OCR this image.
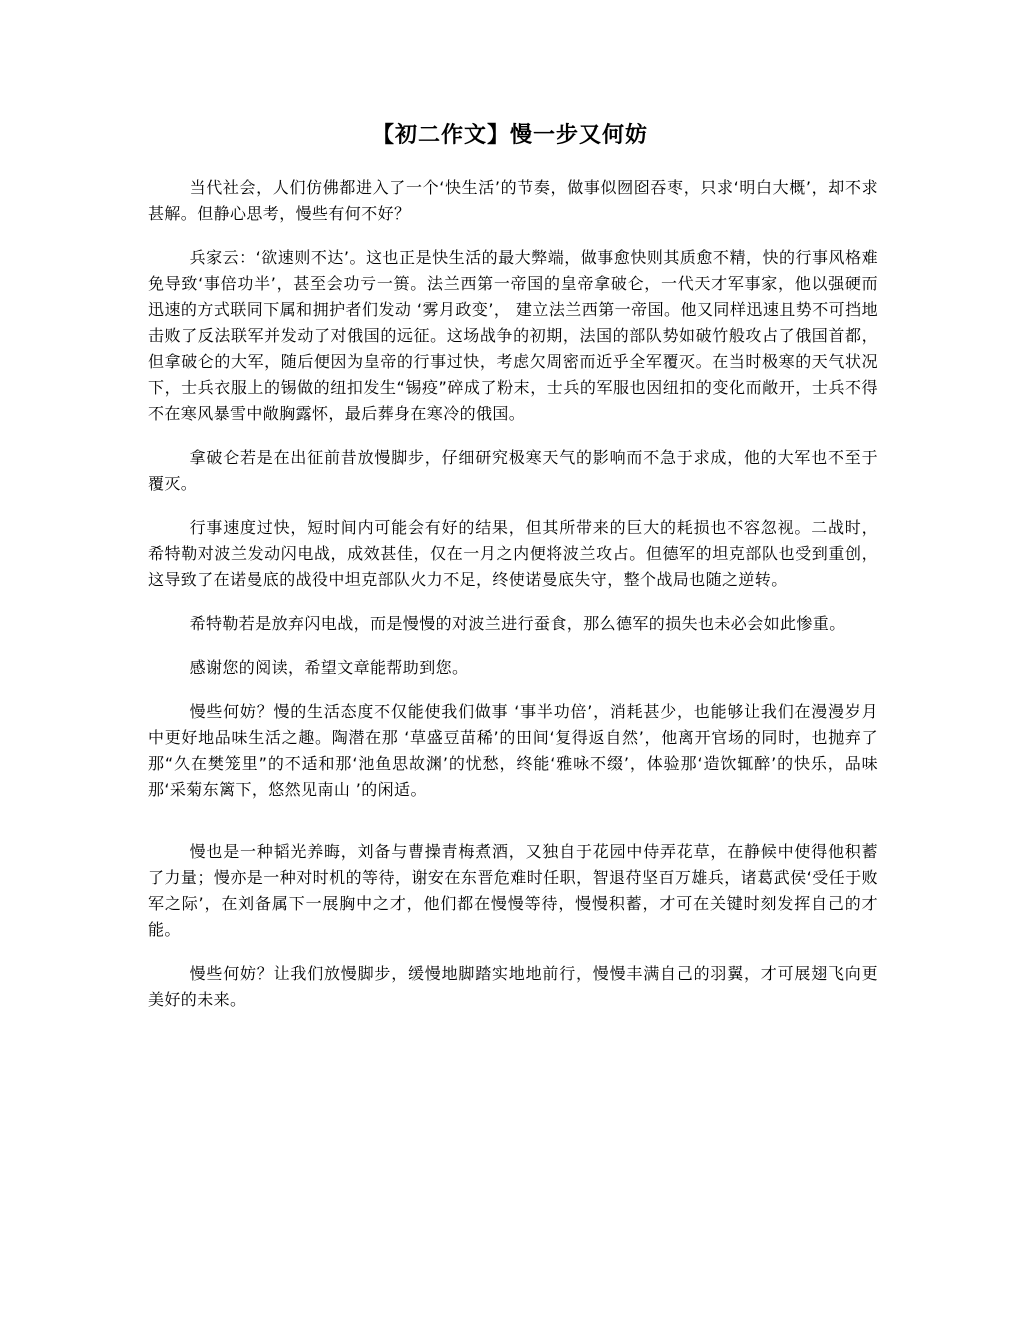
【初二作文】慢一步又何妨

当代社会，人们仿佛都进入了一个‘快生活’的节奏，做事似囫囵吞枣，只求‘明白大概’，却不求甚解。但静心思考，慢些有何不好？

兵家云：‘欲速则不达’。这也正是快生活的最大弊端，做事愈快则其质愈不精，快的行事风格难免导致‘事倍功半’，甚至会功亏一篑。法兰西第一帝国的皇帝拿破仑，一代天才军事家，他以强硬而迅速的方式联同下属和拥护者们发动 ‘雾月政变’， 建立法兰西第一帝国。他又同样迅速且势不可挡地击败了反法联军并发动了对俄国的远征。这场战争的初期，法国的部队势如破竹般攻占了俄国首都，但拿破仑的大军，随后便因为皇帝的行事过快，考虑欠周密而近乎全军覆灭。在当时极寒的天气状况下，士兵衣服上的锡做的纽扣发生“锡疫”碎成了粉末，士兵的军服也因纽扣的变化而敞开，士兵不得不在寒风暴雪中敞胸露怀，最后葬身在寒冷的俄国。

拿破仑若是在出征前昔放慢脚步，仔细研究极寒天气的影响而不急于求成，他的大军也不至于覆灭。

行事速度过快，短时间内可能会有好的结果，但其所带来的巨大的耗损也不容忽视。二战时，希特勒对波兰发动闪电战，成效甚佳，仅在一月之内便将波兰攻占。但德军的坦克部队也受到重创，这导致了在诺曼底的战役中坦克部队火力不足，终使诺曼底失守，整个战局也随之逆转。

希特勒若是放弃闪电战，而是慢慢的对波兰进行蚕食，那么德军的损失也未必会如此惨重。

感谢您的阅读，希望文章能帮助到您。

慢些何妨？慢的生活态度不仅能使我们做事 ‘事半功倍’，消耗甚少，也能够让我们在漫漫岁月中更好地品味生活之趣。陶潜在那 ‘草盛豆苗稀’的田间‘复得返自然’，他离开官场的同时，也抛弃了那“久在樊笼里”的不适和那‘池鱼思故渊’的忧愁，终能‘雅咏不缀’，体验那‘造饮辄醉’的快乐，品味那‘采菊东篱下，悠然见南山 ’的闲适。

慢也是一种韬光养晦，刘备与曹操青梅煮酒，又独自于花园中侍弄花草，在静候中使得他积蓄了力量；慢亦是一种对时机的等待，谢安在东晋危难时任职，智退苻坚百万雄兵，诸葛武侯‘受任于败军之际’，在刘备属下一展胸中之才，他们都在慢慢等待，慢慢积蓄，才可在关键时刻发挥自己的才能。

慢些何妨？让我们放慢脚步，缓慢地脚踏实地地前行，慢慢丰满自己的羽翼，才可展翅飞向更美好的未来。
